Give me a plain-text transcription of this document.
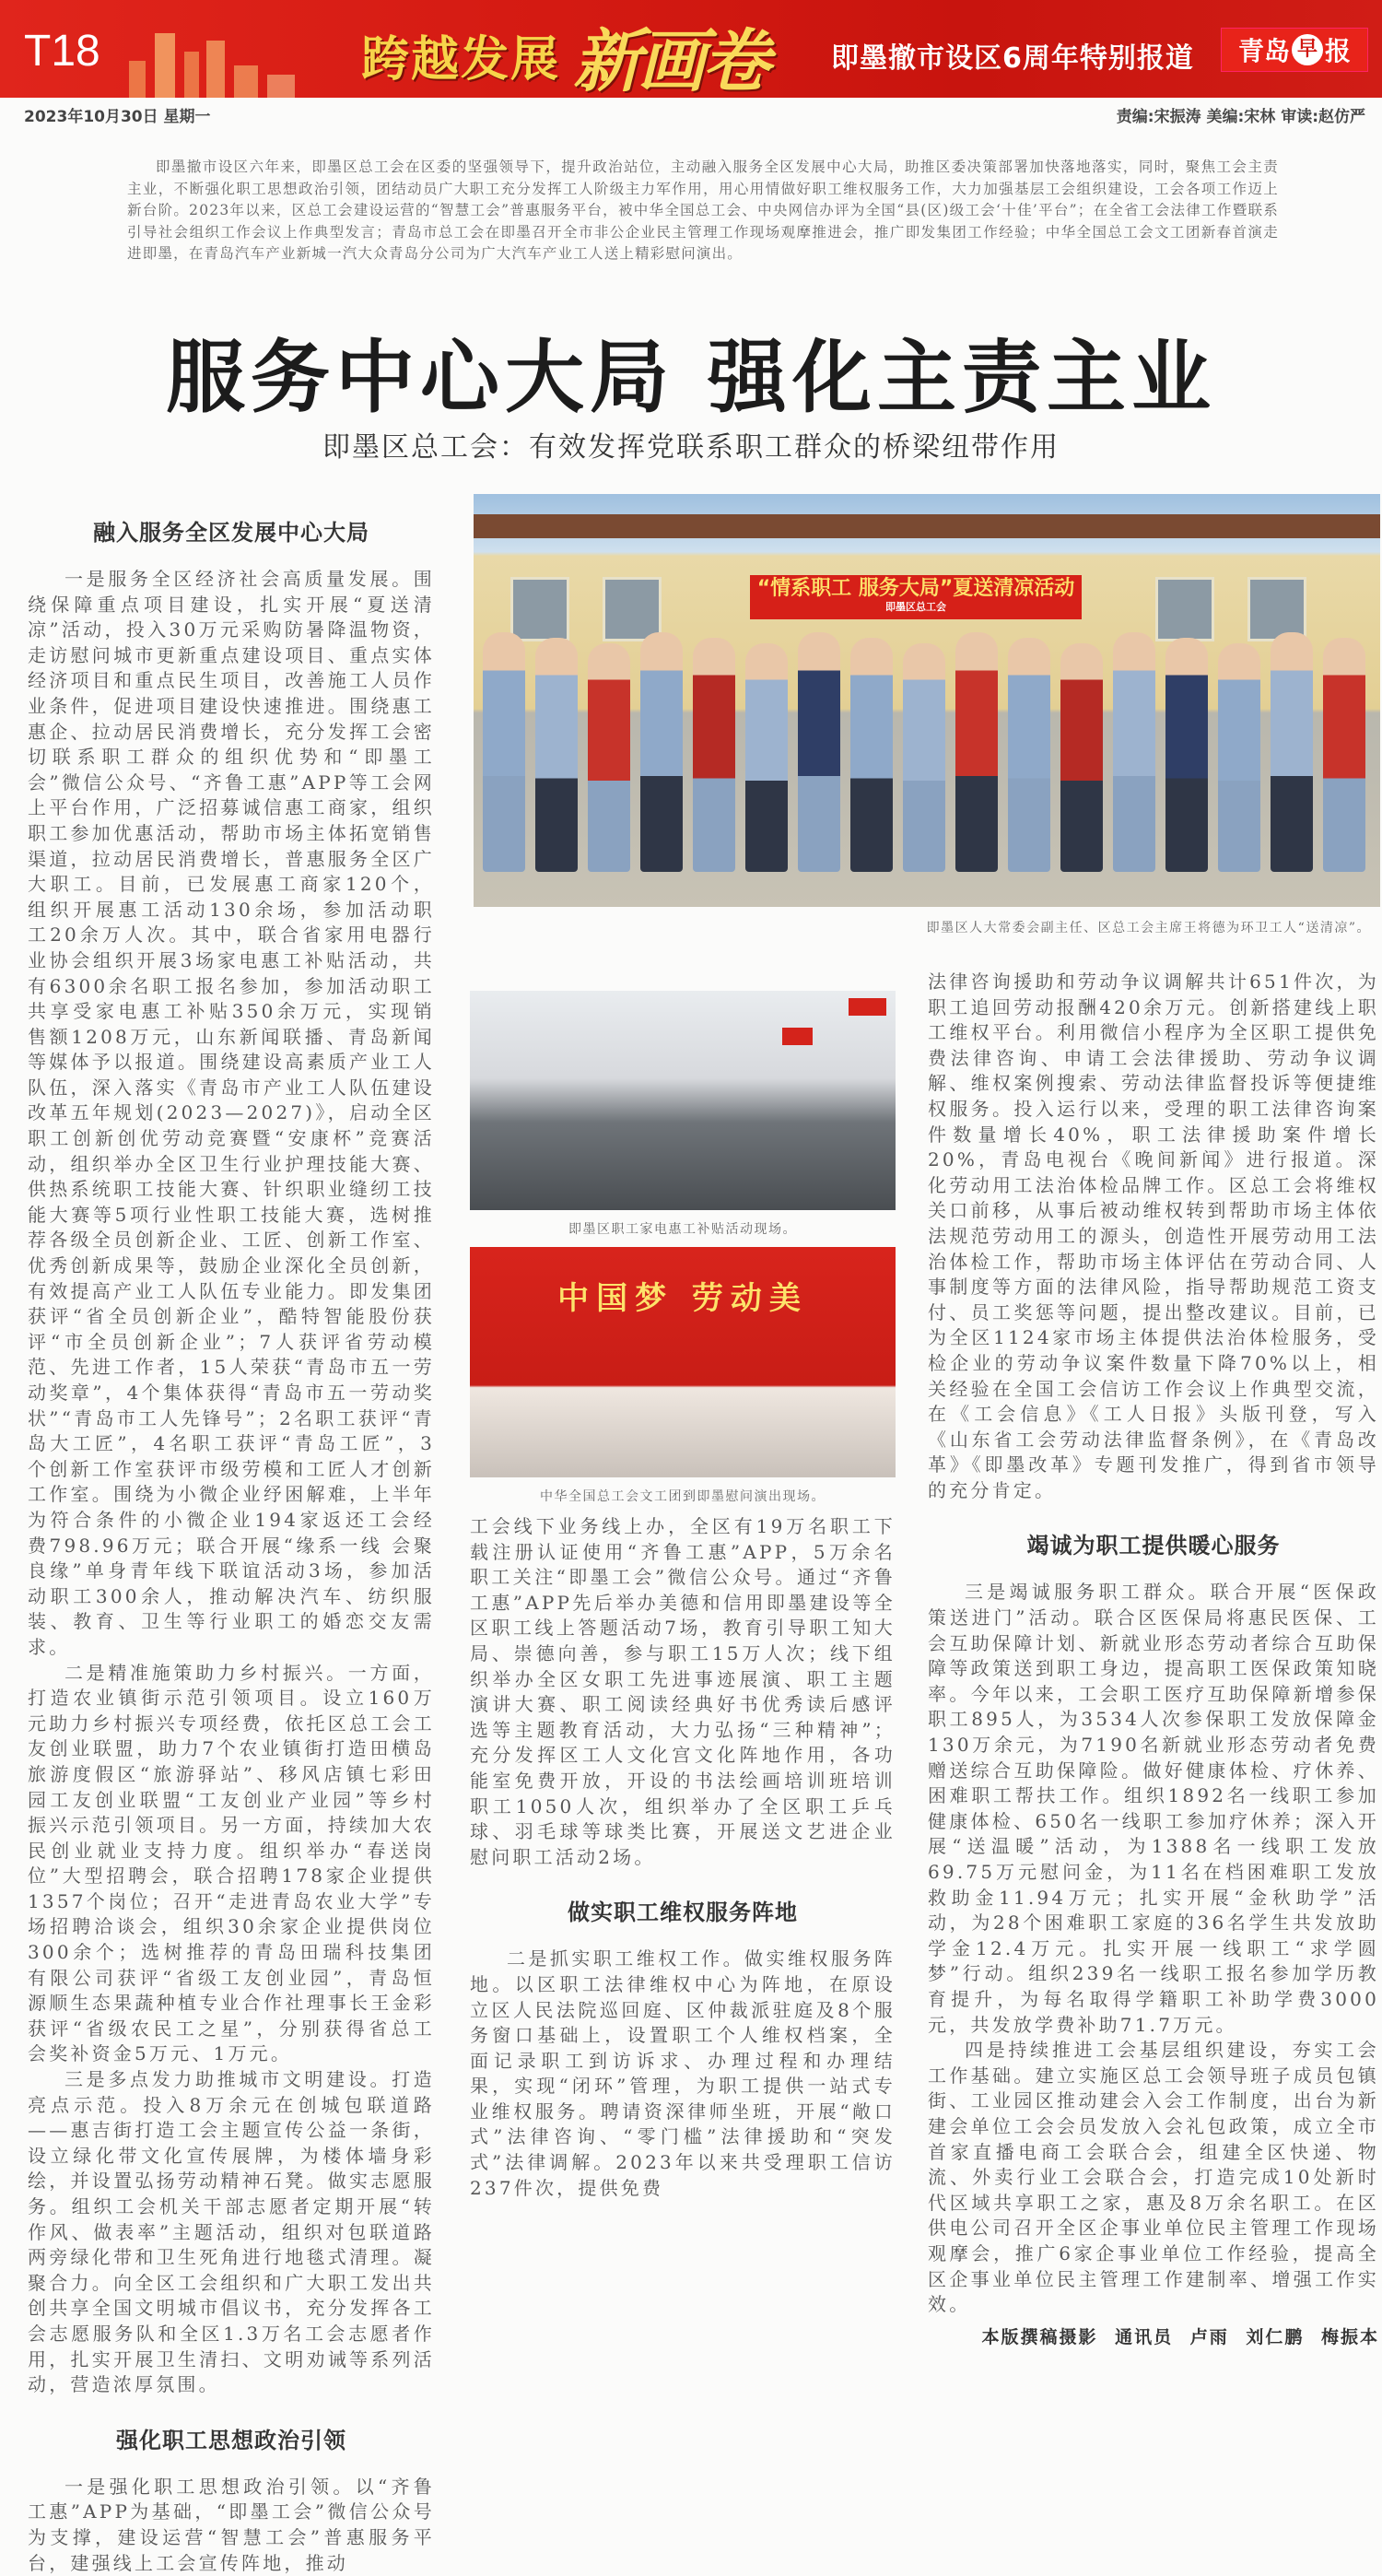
T18	跨越发展 新画卷 即墨撤市设区6周年特别报道 青岛 早 报
2023年10月30日 星期一	责编:宋振涛 美编:宋林 审读:赵仿严

即墨撤市设区六年来，即墨区总工会在区委的坚强领导下，提升政治站位，主动融入服务全区发展中心大局，助推区委决策部署加快落地落实，同时，聚焦工会主责主业，不断强化职工思想政治引领，团结动员广大职工充分发挥工人阶级主力军作用，用心用情做好职工维权服务工作，大力加强基层工会组织建设，工会各项工作迈上新台阶。2023年以来，区总工会建设运营的“智慧工会”普惠服务平台，被中华全国总工会、中央网信办评为全国“县(区)级工会‘十佳’平台”；在全省工会法律工作暨联系引导社会组织工作会议上作典型发言；青岛市总工会在即墨召开全市非公企业民主管理工作现场观摩推进会，推广即发集团工作经验；中华全国总工会文工团新春首演走进即墨，在青岛汽车产业新城一汽大众青岛分公司为广大汽车产业工人送上精彩慰问演出。

服务中心大局 强化主责主业
即墨区总工会：有效发挥党联系职工群众的桥梁纽带作用
“情系职工 服务大局”夏送清凉活动
即墨区总工会
即墨区人大常委会副主任、区总工会主席王将德为环卫工人“送清凉”。
融入服务全区发展中心大局

一是服务全区经济社会高质量发展。围绕保障重点项目建设，扎实开展“夏送清凉”活动，投入30万元采购防暑降温物资，走访慰问城市更新重点建设项目、重点实体经济项目和重点民生项目，改善施工人员作业条件，促进项目建设快速推进。围绕惠工惠企、拉动居民消费增长，充分发挥工会密切联系职工群众的组织优势和“即墨工会”微信公众号、“齐鲁工惠”APP等工会网上平台作用，广泛招募诚信惠工商家，组织职工参加优惠活动，帮助市场主体拓宽销售渠道，拉动居民消费增长，普惠服务全区广大职工。目前，已发展惠工商家120个，组织开展惠工活动130余场，参加活动职工20余万人次。其中，联合省家用电器行业协会组织开展3场家电惠工补贴活动，共有6300余名职工报名参加，参加活动职工共享受家电惠工补贴350余万元，实现销售额1208万元，山东新闻联播、青岛新闻等媒体予以报道。围绕建设高素质产业工人队伍，深入落实《青岛市产业工人队伍建设改革五年规划(2023—2027)》，启动全区职工创新创优劳动竞赛暨“安康杯”竞赛活动，组织举办全区卫生行业护理技能大赛、供热系统职工技能大赛、针织职业缝纫工技能大赛等5项行业性职工技能大赛，选树推荐各级全员创新企业、工匠、创新工作室、优秀创新成果等，鼓励企业深化全员创新，有效提高产业工人队伍专业能力。即发集团获评“省全员创新企业”，酷特智能股份获评“市全员创新企业”；7人获评省劳动模范、先进工作者，15人荣获“青岛市五一劳动奖章”，4个集体获得“青岛市五一劳动奖状”“青岛市工人先锋号”；2名职工获评“青岛大工匠”，4名职工获评“青岛工匠”，3个创新工作室获评市级劳模和工匠人才创新工作室。围绕为小微企业纾困解难，上半年为符合条件的小微企业194家返还工会经费798.96万元；联合开展“缘系一线 会聚良缘”单身青年线下联谊活动3场，参加活动职工300余人，推动解决汽车、纺织服装、教育、卫生等行业职工的婚恋交友需求。

二是精准施策助力乡村振兴。一方面，打造农业镇街示范引领项目。设立160万元助力乡村振兴专项经费，依托区总工会工友创业联盟，助力7个农业镇街打造田横岛旅游度假区“旅游驿站”、移风店镇七彩田园工友创业联盟“工友创业产业园”等乡村振兴示范引领项目。另一方面，持续加大农民创业就业支持力度。组织举办“春送岗位”大型招聘会，联合招聘178家企业提供1357个岗位；召开“走进青岛农业大学”专场招聘洽谈会，组织30余家企业提供岗位300余个；选树推荐的青岛田瑞科技集团有限公司获评“省级工友创业园”，青岛恒源顺生态果蔬种植专业合作社理事长王金彩获评“省级农民工之星”，分别获得省总工会奖补资金5万元、1万元。

三是多点发力助推城市文明建设。打造亮点示范。投入8万余元在创城包联道路——惠吉街打造工会主题宣传公益一条街，设立绿化带文化宣传展牌，为楼体墙身彩绘，并设置弘扬劳动精神石凳。做实志愿服务。组织工会机关干部志愿者定期开展“转作风、做表率”主题活动，组织对包联道路两旁绿化带和卫生死角进行地毯式清理。凝聚合力。向全区工会组织和广大职工发出共创共享全国文明城市倡议书，充分发挥各工会志愿服务队和全区1.3万名工会志愿者作用，扎实开展卫生清扫、文明劝诫等系列活动，营造浓厚氛围。

强化职工思想政治引领

一是强化职工思想政治引领。以“齐鲁工惠”APP为基础，“即墨工会”微信公众号为支撑，建设运营“智慧工会”普惠服务平台，建强线上工会宣传阵地，推动

即墨区职工家电惠工补贴活动现场。
中国梦 劳动美
中华全国总工会文工团到即墨慰问演出现场。

工会线下业务线上办，全区有19万名职工下载注册认证使用“齐鲁工惠”APP，5万余名职工关注“即墨工会”微信公众号。通过“齐鲁工惠”APP先后举办美德和信用即墨建设等全区职工线上答题活动7场，教育引导职工知大局、崇德向善，参与职工15万人次；线下组织举办全区女职工先进事迹展演、职工主题演讲大赛、职工阅读经典好书优秀读后感评选等主题教育活动，大力弘扬“三种精神”；充分发挥区工人文化宫文化阵地作用，各功能室免费开放，开设的书法绘画培训班培训职工1050人次，组织举办了全区职工乒乓球、羽毛球等球类比赛，开展送文艺进企业慰问职工活动2场。

做实职工维权服务阵地

二是抓实职工维权工作。做实维权服务阵地。以区职工法律维权中心为阵地，在原设立区人民法院巡回庭、区仲裁派驻庭及8个服务窗口基础上，设置职工个人维权档案，全面记录职工到访诉求、办理过程和办理结果，实现“闭环”管理，为职工提供一站式专业维权服务。聘请资深律师坐班，开展“敞口式”法律咨询、“零门槛”法律援助和“突发式”法律调解。2023年以来共受理职工信访237件次，提供免费

法律咨询援助和劳动争议调解共计651件次，为职工追回劳动报酬420余万元。创新搭建线上职工维权平台。利用微信小程序为全区职工提供免费法律咨询、申请工会法律援助、劳动争议调解、维权案例搜索、劳动法律监督投诉等便捷维权服务。投入运行以来，受理的职工法律咨询案件数量增长40%，职工法律援助案件增长20%，青岛电视台《晚间新闻》进行报道。深化劳动用工法治体检品牌工作。区总工会将维权关口前移，从事后被动维权转到帮助市场主体依法规范劳动用工的源头，创造性开展劳动用工法治体检工作，帮助市场主体评估在劳动合同、人事制度等方面的法律风险，指导帮助规范工资支付、员工奖惩等问题，提出整改建议。目前，已为全区1124家市场主体提供法治体检服务，受检企业的劳动争议案件数量下降70%以上，相关经验在全国工会信访工作会议上作典型交流，在《工会信息》《工人日报》头版刊登，写入《山东省工会劳动法律监督条例》，在《青岛改革》《即墨改革》专题刊发推广，得到省市领导的充分肯定。

竭诚为职工提供暖心服务

三是竭诚服务职工群众。联合开展“医保政策送进门”活动。联合区医保局将惠民医保、工会互助保障计划、新就业形态劳动者综合互助保障等政策送到职工身边，提高职工医保政策知晓率。今年以来，工会职工医疗互助保障新增参保职工895人，为3534人次参保职工发放保障金130万余元，为7190名新就业形态劳动者免费赠送综合互助保障险。做好健康体检、疗休养、困难职工帮扶工作。组织1892名一线职工参加健康体检、650名一线职工参加疗休养；深入开展“送温暖”活动，为1388名一线职工发放69.75万元慰问金，为11名在档困难职工发放救助金11.94万元；扎实开展“金秋助学”活动，为28个困难职工家庭的36名学生共发放助学金12.4万元。扎实开展一线职工“求学圆梦”行动。组织239名一线职工报名参加学历教育提升，为每名取得学籍职工补助学费3000元，共发放学费补助71.7万元。

四是持续推进工会基层组织建设，夯实工会工作基础。建立实施区总工会领导班子成员包镇街、工业园区推动建会入会工作制度，出台为新建会单位工会会员发放入会礼包政策，成立全市首家直播电商工会联合会，组建全区快递、物流、外卖行业工会联合会，打造完成10处新时代区域共享职工之家，惠及8万余名职工。在区供电公司召开全区企事业单位民主管理工作现场观摩会，推广6家企事业单位工作经验，提高全区企事业单位民主管理工作建制率、增强工作实效。

本版撰稿摄影 通讯员 卢雨 刘仁鹏 梅振本
